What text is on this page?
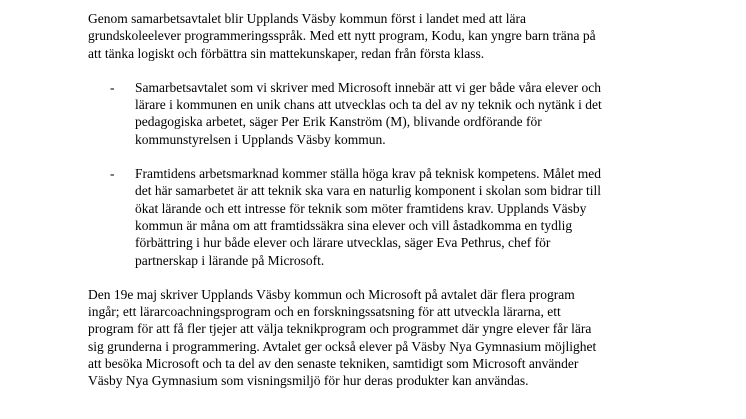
Genom samarbetsavtalet blir Upplands Väsby kommun först i landet med att lära
grundskoleelever programmeringsspråk. Med ett nytt program, Kodu, kan yngre barn träna på
att tänka logiskt och förbättra sin mattekunskaper, redan från första klass.

- Samarbetsavtalet som vi skriver med Microsoft innebär att vi ger både våra elever och
lärare i kommunen en unik chans att utvecklas och ta del av ny teknik och nytänk i det
pedagogiska arbetet, säger Per Erik Kanström (M), blivande ordförande för
kommunstyrelsen i Upplands Väsby kommun.
- Framtidens arbetsmarknad kommer ställa höga krav på teknisk kompetens. Målet med
det här samarbetet är att teknik ska vara en naturlig komponent i skolan som bidrar till
ökat lärande och ett intresse för teknik som möter framtidens krav. Upplands Väsby
kommun är måna om att framtidssäkra sina elever och vill åstadkomma en tydlig
förbättring i hur både elever och lärare utvecklas, säger Eva Pethrus, chef för
partnerskap i lärande på Microsoft.

Den 19e maj skriver Upplands Väsby kommun och Microsoft på avtalet där flera program
ingår; ett lärarcoachningsprogram och en forskningssatsning för att utveckla lärarna, ett
program för att få fler tjejer att välja teknikprogram och programmet där yngre elever får lära
sig grunderna i programmering. Avtalet ger också elever på Väsby Nya Gymnasium möjlighet
att besöka Microsoft och ta del av den senaste tekniken, samtidigt som Microsoft använder
Väsby Nya Gymnasium som visningsmiljö för hur deras produkter kan användas.
